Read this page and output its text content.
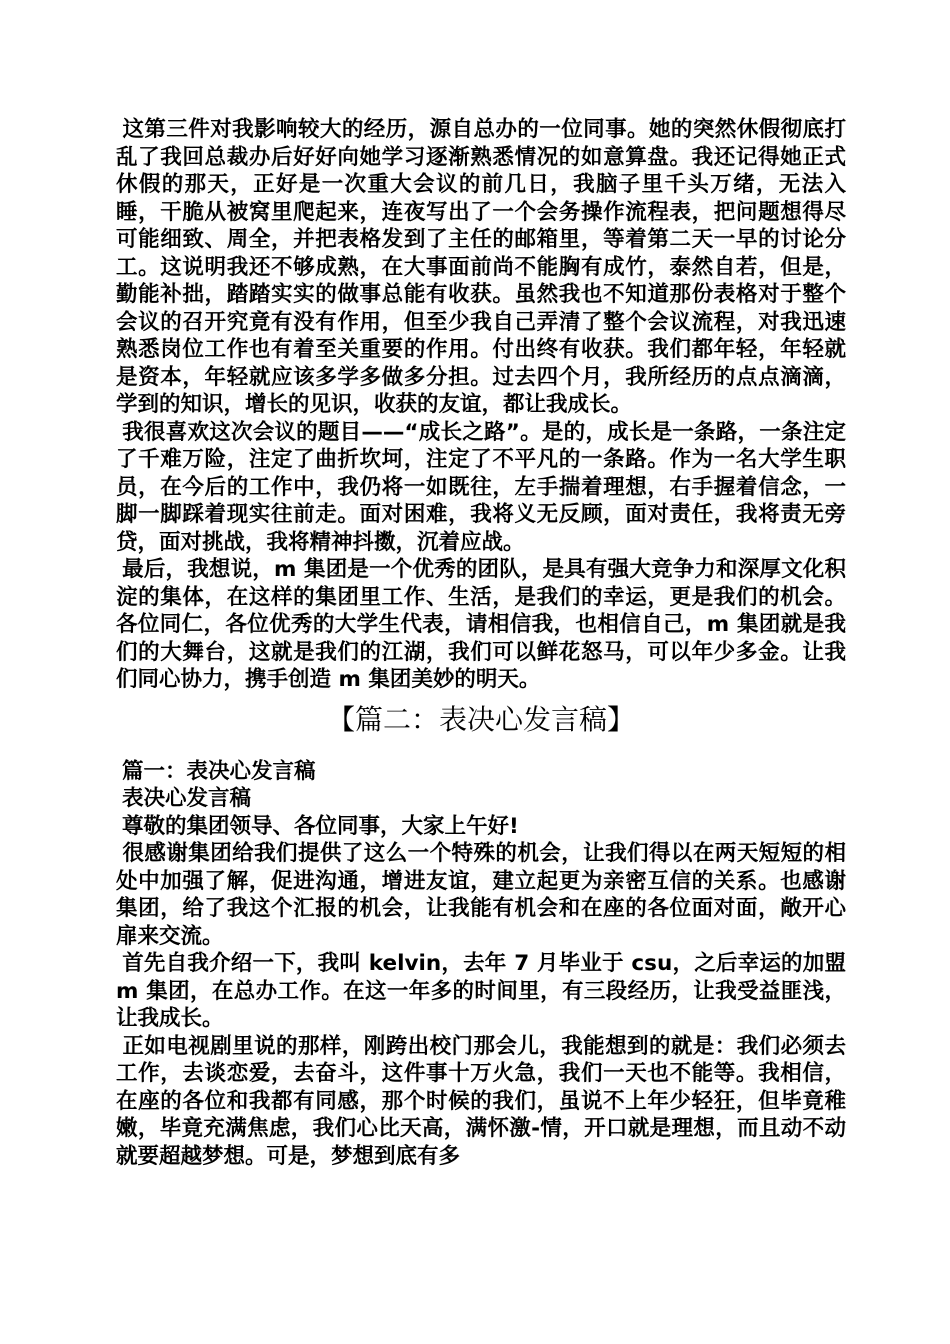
这第三件对我影响较大的经历，源自总办的一位同事。她的突然休假彻底打乱了我回总裁办后好好向她学习逐渐熟悉情况的如意算盘。我还记得她正式休假的那天，正好是一次重大会议的前几日，我脑子里千头万绪，无法入睡，干脆从被窝里爬起来，连夜写出了一个会务操作流程表，把问题想得尽可能细致、周全，并把表格发到了主任的邮箱里，等着第二天一早的讨论分工。这说明我还不够成熟，在大事面前尚不能胸有成竹，泰然自若，但是，勤能补拙，踏踏实实的做事总能有收获。虽然我也不知道那份表格对于整个会议的召开究竟有没有作用，但至少我自己弄清了整个会议流程，对我迅速熟悉岗位工作也有着至关重要的作用。付出终有收获。我们都年轻，年轻就是资本，年轻就应该多学多做多分担。过去四个月，我所经历的点点滴滴，学到的知识，增长的见识，收获的友谊，都让我成长。

我很喜欢这次会议的题目——“成长之路”。是的，成长是一条路，一条注定了千难万险，注定了曲折坎坷，注定了不平凡的一条路。作为一名大学生职员，在今后的工作中，我仍将一如既往，左手揣着理想，右手握着信念，一脚一脚踩着现实往前走。面对困难，我将义无反顾，面对责任，我将责无旁贷，面对挑战，我将精神抖擞，沉着应战。

最后，我想说，m 集团是一个优秀的团队，是具有强大竞争力和深厚文化积淀的集体，在这样的集团里工作、生活，是我们的幸运，更是我们的机会。各位同仁，各位优秀的大学生代表，请相信我，也相信自己，m 集团就是我们的大舞台，这就是我们的江湖，我们可以鲜花怒马，可以年少多金。让我们同心协力，携手创造 m 集团美妙的明天。

【篇二：表决心发言稿】

篇一：表决心发言稿

表决心发言稿

尊敬的集团领导、各位同事，大家上午好!

很感谢集团给我们提供了这么一个特殊的机会，让我们得以在两天短短的相处中加强了解，促进沟通，增进友谊，建立起更为亲密互信的关系。也感谢集团，给了我这个汇报的机会，让我能有机会和在座的各位面对面，敞开心扉来交流。

首先自我介绍一下，我叫 kelvin，去年 7 月毕业于 csu，之后幸运的加盟 m 集团，在总办工作。在这一年多的时间里，有三段经历，让我受益匪浅，让我成长。

正如电视剧里说的那样，刚跨出校门那会儿，我能想到的就是：我们必须去工作，去谈恋爱，去奋斗，这件事十万火急，我们一天也不能等。我相信，在座的各位和我都有同感，那个时候的我们，虽说不上年少轻狂，但毕竟稚嫩，毕竟充满焦虑，我们心比天高，满怀激-情，开口就是理想，而且动不动就要超越梦想。可是，梦想到底有多
